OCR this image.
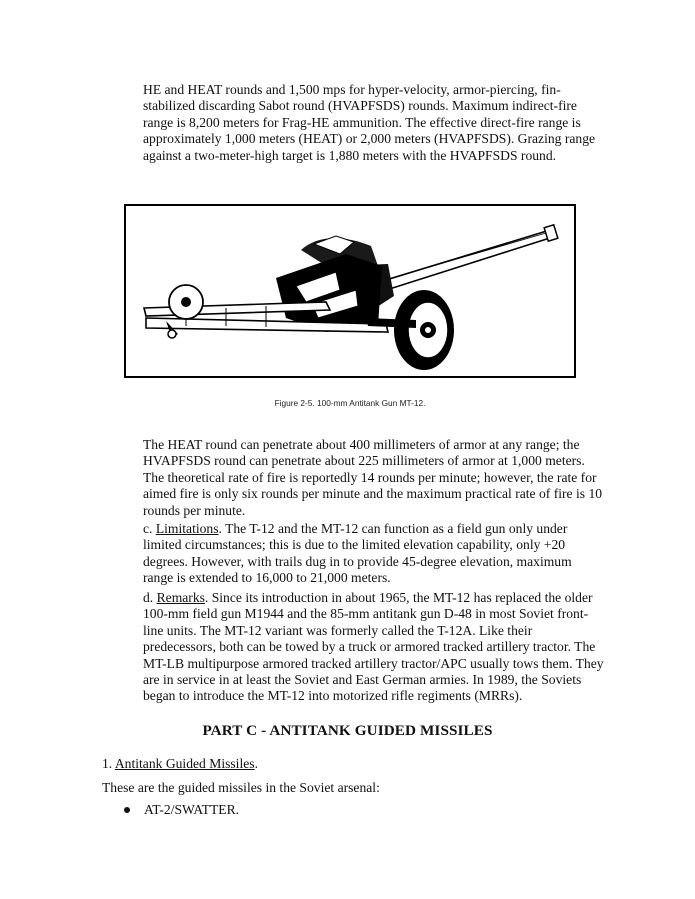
HE and HEAT rounds and 1,500 mps for hyper-velocity, armor-piercing, fin-stabilized discarding Sabot round (HVAPFSDS) rounds. Maximum indirect-fire range is 8,200 meters for Frag-HE ammunition. The effective direct-fire range is approximately 1,000 meters (HEAT) or 2,000 meters (HVAPFSDS). Grazing range against a two-meter-high target is 1,880 meters with the HVAPFSDS round.

Figure 2-5. 100-mm Antitank Gun MT-12.

The HEAT round can penetrate about 400 millimeters of armor at any range; the HVAPFSDS round can penetrate about 225 millimeters of armor at 1,000 meters. The theoretical rate of fire is reportedly 14 rounds per minute; however, the rate for aimed fire is only six rounds per minute and the maximum practical rate of fire is 10 rounds per minute.

c. Limitations. The T-12 and the MT-12 can function as a field gun only under limited circumstances; this is due to the limited elevation capability, only +20 degrees. However, with trails dug in to provide 45-degree elevation, maximum range is extended to 16,000 to 21,000 meters.

d. Remarks. Since its introduction in about 1965, the MT-12 has replaced the older 100-mm field gun M1944 and the 85-mm antitank gun D-48 in most Soviet front-line units. The MT-12 variant was formerly called the T-12A. Like their predecessors, both can be towed by a truck or armored tracked artillery tractor. The MT-LB multipurpose armored tracked artillery tractor/APC usually tows them. They are in service in at least the Soviet and East German armies. In 1989, the Soviets began to introduce the MT-12 into motorized rifle regiments (MRRs).

PART C - ANTITANK GUIDED MISSILES
1. Antitank Guided Missiles.

These are the guided missiles in the Soviet arsenal:

AT-2/SWATTER.
